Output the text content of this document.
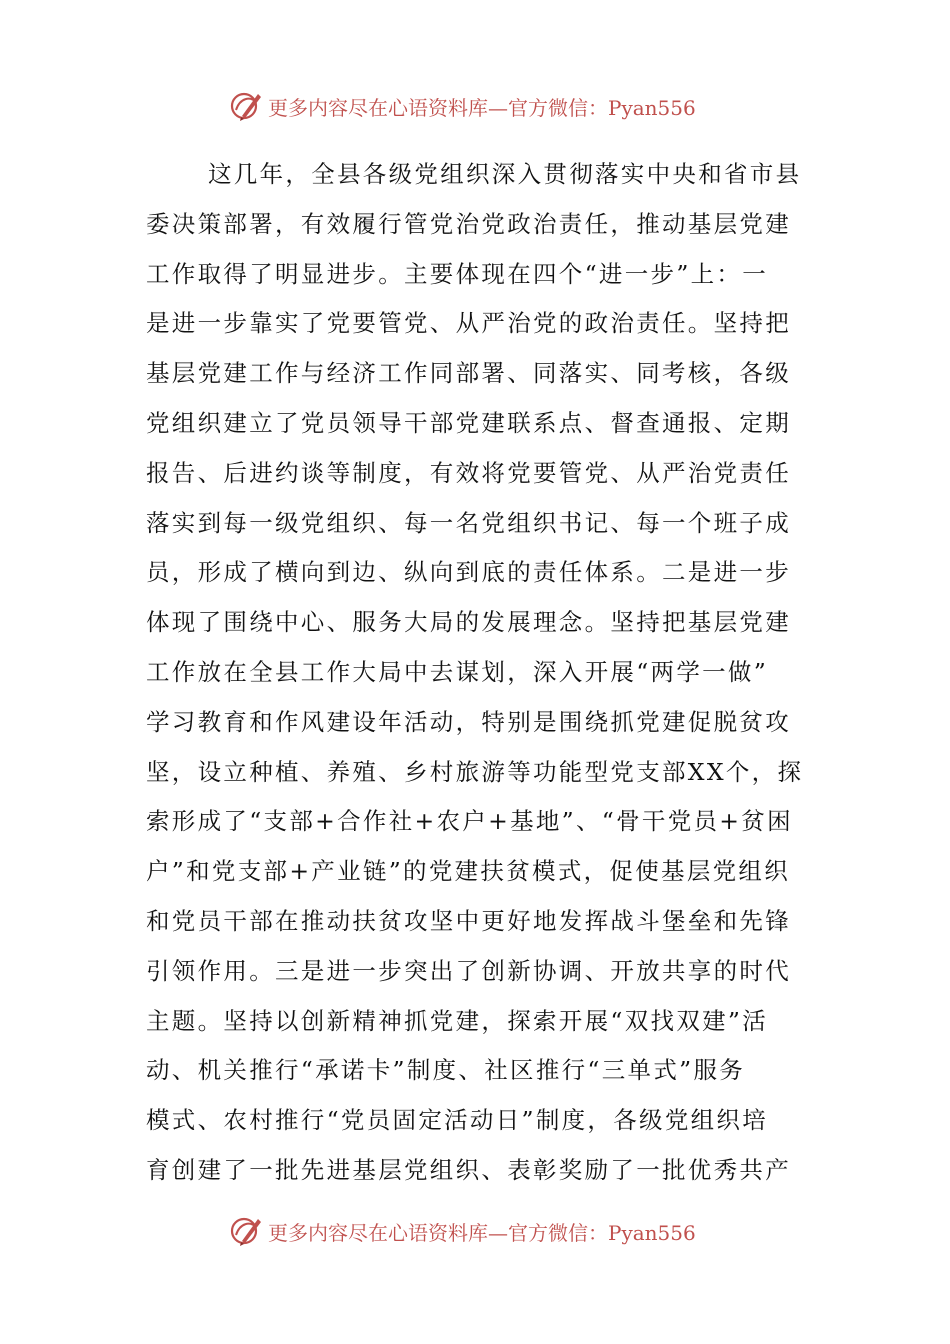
更多内容尽在心语资料库—官方微信：Pyan556
这几年，全县各级党组织深入贯彻落实中央和省市县
委决策部署，有效履行管党治党政治责任，推动基层党建
工作取得了明显进步。主要体现在四个“进一步”上：一
是进一步靠实了党要管党、从严治党的政治责任。坚持把
基层党建工作与经济工作同部署、同落实、同考核，各级
党组织建立了党员领导干部党建联系点、督查通报、定期
报告、后进约谈等制度，有效将党要管党、从严治党责任
落实到每一级党组织、每一名党组织书记、每一个班子成
员，形成了横向到边、纵向到底的责任体系。二是进一步
体现了围绕中心、服务大局的发展理念。坚持把基层党建
工作放在全县工作大局中去谋划，深入开展“两学一做”
学习教育和作风建设年活动，特别是围绕抓党建促脱贫攻
坚，设立种植、养殖、乡村旅游等功能型党支部XX个，探
索形成了“支部+合作社+农户+基地”、“骨干党员+贫困
户”和党支部+产业链”的党建扶贫模式，促使基层党组织
和党员干部在推动扶贫攻坚中更好地发挥战斗堡垒和先锋
引领作用。三是进一步突出了创新协调、开放共享的时代
主题。坚持以创新精神抓党建，探索开展“双找双建”活
动、机关推行“承诺卡”制度、社区推行“三单式”服务
模式、农村推行“党员固定活动日”制度，各级党组织培
育创建了一批先进基层党组织、表彰奖励了一批优秀共产
更多内容尽在心语资料库—官方微信：Pyan556
